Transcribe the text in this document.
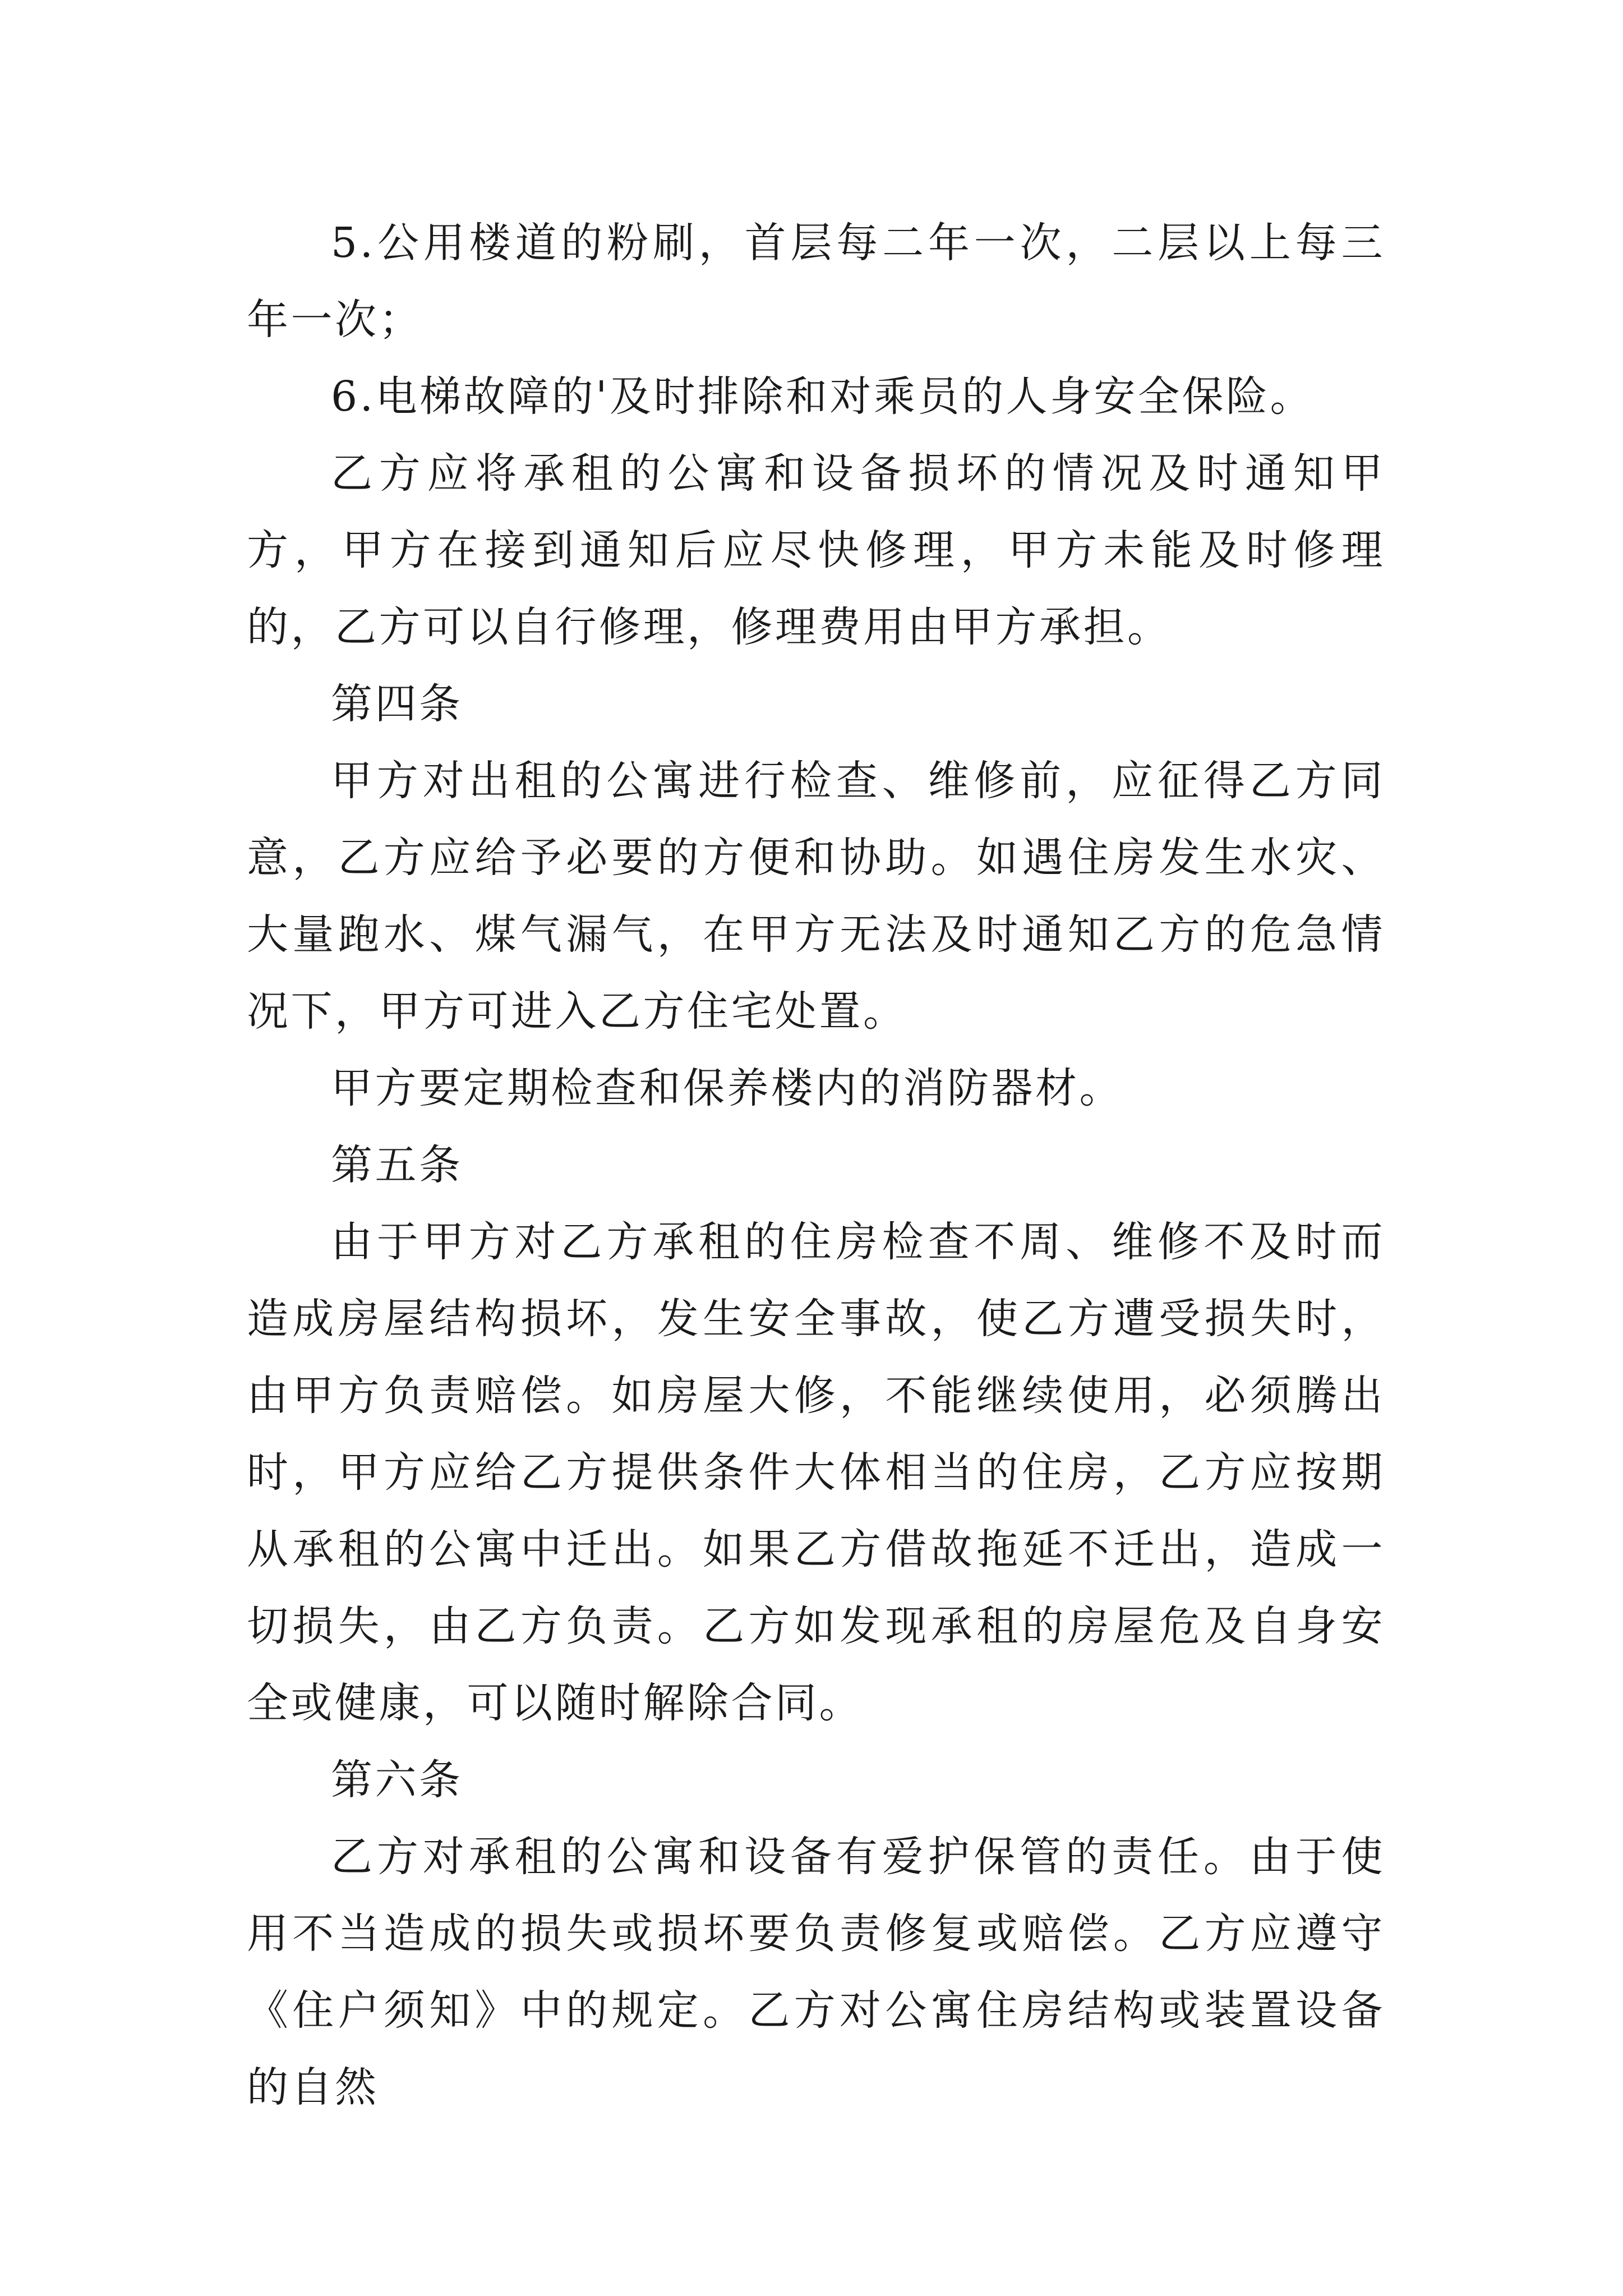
5.公用楼道的粉刷，首层每二年一次，二层以上每三年一次；

6.电梯故障的'及时排除和对乘员的人身安全保险。

乙方应将承租的公寓和设备损坏的情况及时通知甲方，甲方在接到通知后应尽快修理，甲方未能及时修理的，乙方可以自行修理，修理费用由甲方承担。

第四条

甲方对出租的公寓进行检查、维修前，应征得乙方同意，乙方应给予必要的方便和协助。如遇住房发生水灾、大量跑水、煤气漏气，在甲方无法及时通知乙方的危急情况下，甲方可进入乙方住宅处置。

甲方要定期检查和保养楼内的消防器材。

第五条

由于甲方对乙方承租的住房检查不周、维修不及时而造成房屋结构损坏，发生安全事故，使乙方遭受损失时，由甲方负责赔偿。如房屋大修，不能继续使用，必须腾出时，甲方应给乙方提供条件大体相当的住房，乙方应按期从承租的公寓中迁出。如果乙方借故拖延不迁出，造成一切损失，由乙方负责。乙方如发现承租的房屋危及自身安全或健康，可以随时解除合同。

第六条

乙方对承租的公寓和设备有爱护保管的责任。由于使用不当造成的损失或损坏要负责修复或赔偿。乙方应遵守《住户须知》中的规定。乙方对公寓住房结构或装置设备的自然
